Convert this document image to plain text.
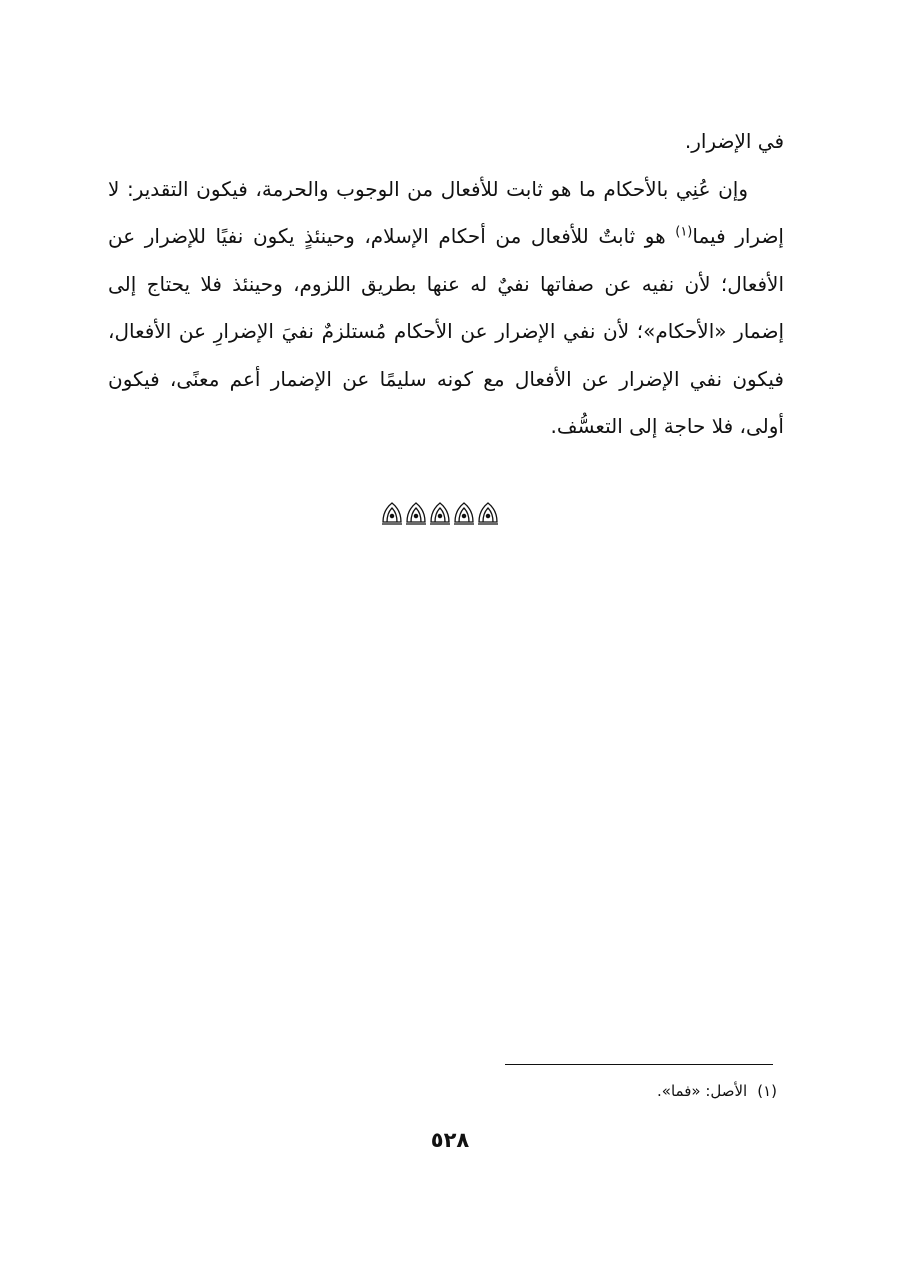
في الإضرار.

وإن عُنِي بالأحكام ما هو ثابت للأفعال من الوجوب والحرمة، فيكون التقدير: لا إضرار فيما$^{(١)}$ هو ثابتٌ للأفعال من أحكام الإسلام، وحينئذٍ يكون نفيًا للإضرار عن الأفعال؛ لأن نفيه عن صفاتها نفيٌ له عنها بطريق اللزوم، وحينئذ فلا يحتاج إلى إضمار «الأحكام»؛ لأن نفي الإضرار عن الأحكام مُستلزمٌ نفيَ الإضرارِ عن الأفعال، فيكون نفي الإضرار عن الأفعال مع كونه سليمًا عن الإضمار أعم معنًى، فيكون أولى، فلا حاجة إلى التعسُّف.

(١)الأصل: «فما».
٥٢٨
